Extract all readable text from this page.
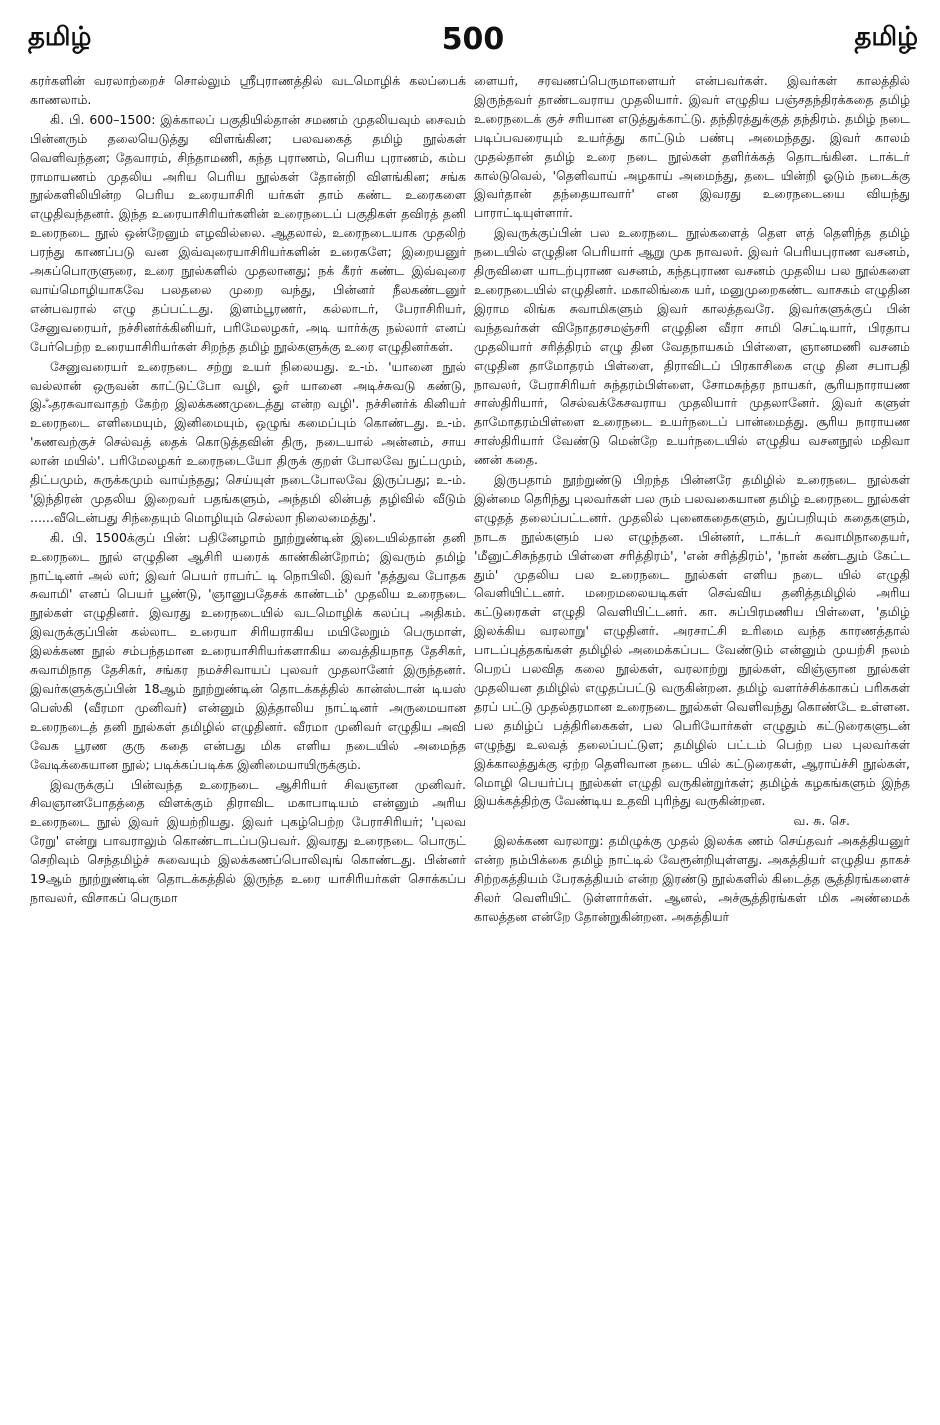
தமிழ்	500	தமிழ்

கரர்களின் வரலாற்றைச் சொல்லும் ஸ்ரீபுராணத்தில் வடமொழிக் கலப்பைக் காணலாம்.

கி. பி. 600–1500: இக்காலப் பகுதியில்தான் சமணம் முதலியவும் சைவம் பின்னரும் தலையெடுத்து விளங்கின; பலவகைத் தமிழ் நூல்கள் வெளிவந்தன; தேவாரம், சிந்தாமணி, கந்த புராணம், பெரிய புராணம், கம்ப ராமாயணம் முதலிய அரிய பெரிய நூல்கள் தோன்றி விளங்கின; சங்க நூல்களிலியின்ற பெரிய உரையாசிரி யர்கள் தாம் கண்ட உரைகளை எழுதிவந்தனர். இந்த உரையாசிரியர்களின் உரைநடைப் பகுதிகள் தவிரத் தனி உரைநடை நூல் ஒன்றேனும் எழவில்லை. ஆதலால், உரைநடையாக முதலிற் பரந்து காணப்படு வன இவ்வுரையாசிரியர்களின் உரைகளே; இறையனுர் அகப்பொருளுரை, உரை நூல்களில் முதலானது; நக் கீரர் கண்ட இவ்வுரை வாய்மொழியாகவே பலதலை முறை வந்து, பின்னர் நீலகண்டனுர் என்பவரால் எழு தப்பட்டது. இளம்பூரணர், கல்லாடர், பேராசிரியர், சேனுவரையர், நச்சினர்க்கினியர், பரிமேலழகர், அடி யார்க்கு நல்லார் எனப் பேர்பெற்ற உரையாசிரியர்கள் சிறந்த தமிழ் நூல்களுக்கு உரை எழுதினர்கள்.

சேனுவரையர் உரைநடை சற்று உயர் நிலையது. உ-ம். 'யானை நூல் வல்லான் ஒருவன் காட்டுட்போ வழி, ஓர் யானை அடிச்சுவடு கண்டு, இஃதரசுவாவாதற் கேற்ற இலக்கணமுடைத்து என்ற வழி'. நச்சினர்க் கினியர் உரைநடை எளிமையும், இனிமையும், ஒழுங் கமைப்பும் கொண்டது. உ-ம். 'கணவற்குச் செல்வத் தைக் கொடுத்தவின் திரு, நடையால் அன்னம், சாய லான் மயில்'. பரிமேலழகர் உரைநடையோ திருக் குறள் போலவே நுட்பமும், திட்பமும், சுருக்கமும் வாய்ந்தது; செய்யுள் நடைபோலவே இருப்பது; உ-ம். 'இந்திரன் முதலிய இறைவர் பதங்களும், அந்தமி லின்பத் தழிவில் வீடும் ......வீடென்பது சிந்தையும் மொழியும் செல்லா நிலைமைத்து'.

கி. பி. 1500க்குப் பின்: பதினேழாம் நூற்றுண்டின் இடையில்தான் தனி உரைநடை நூல் எழுதின ஆசிரி யரைக் காண்கின்றோம்; இவரும் தமிழ் நாட்டினர் அல் லர்; இவர் பெயர் ராபர்ட் டி நொபிலி. இவர் 'தத்துவ போதக சுவாமி' எனப் பெயர் பூண்டு, 'ஞானுபதேசக் காண்டம்' முதலிய உரைநடை நூல்கள் எழுதினர். இவரது உரைநடையில் வடமொழிக் கலப்பு அதிகம். இவருக்குப்பின் கல்லாட உரையா சிரியராகிய மயிலேறும் பெருமாள், இலக்கண நூல் சம்பந்தமான உரையாசிரியர்களாகிய வைத்தியநாத தேசிகர், சுவாமிநாத தேசிகர், சங்கர நமச்சிவாயப் புலவர் முதலானேர் இருந்தனர். இவர்களுக்குப்பின் 18ஆம் நூற்றுண்டின் தொடக்கத்தில் கான்ஸ்டான் டியஸ் பெஸ்கி (வீரமா முனிவர்) என்னும் இத்தாலிய நாட்டினர் அருமையான உரைநடைத் தனி நூல்கள் தமிழில் எழுதினர். வீரமா முனிவர் எழுதிய அவி வேக பூரண குரு கதை என்பது மிக எளிய நடையில் அமைந்த வேடிக்கையான நூல்; படிக்கப்படிக்க இனிமையாயிருக்கும்.

இவருக்குப் பின்வந்த உரைநடை ஆசிரியர் சிவஞான முனிவர். சிவஞானபோதத்தை விளக்கும் திராவிட மகாபாடியம் என்னும் அரிய உரைநடை நூல் இவர் இயற்றியது. இவர் புகழ்பெற்ற பேராசிரியர்; 'புலவ ரேறு' என்று பாவராலும் கொண்டாடப்படுபவர். இவரது உரைநடை பொருட் செறிவும் செந்தமிழ்ச் சுவையும் இலக்கணப்பொலிவுங் கொண்டது. பின்னர் 19ஆம் நூற்றுண்டின் தொடக்கத்தில் இருந்த உரை யாசிரியர்கள் சொக்கப்ப நாவலர், விசாகப் பெருமா

ளையர், சரவணப்பெருமாளையர் என்பவர்கள். இவர்கள் காலத்தில் இருந்தவர் தாண்டவராய முதலியார். இவர் எழுதிய பஞ்சதந்திரக்கதை தமிழ் உரைநடைக் குச் சரியான எடுத்துக்காட்டு. தந்திரத்துக்குத் தந்திரம். தமிழ் நடை படிப்பவரையும் உயர்த்து காட்டும் பண்பு அமைந்தது. இவர் காலம் முதல்தான் தமிழ் உரை நடை நூல்கள் தளிர்க்கத் தொடங்கின. டாக்டர் கால்டுவெல், 'தெளிவாய் அழகாய் அமைந்து, தடை யின்றி ஓடும் நடைக்கு இவர்தான் தந்தையாவார்' என இவரது உரைநடையை வியந்து பாராட்டியுள்ளார்.

இவருக்குப்பின் பல உரைநடை நூல்களைத் தெள ளத் தெளிந்த தமிழ் நடையில் எழுதின பெரியார் ஆறு முக நாவலர். இவர் பெரியபுராண வசனம், திருவிளை யாடற்புராண வசனம், கந்தபுராண வசனம் முதலிய பல நூல்களை உரைநடையில் எழுதினர். மகாலிங்கை யர், மனுமுறைகண்ட வாசகம் எழுதின இராம லிங்க சுவாமிகளும் இவர் காலத்தவரே. இவர்களுக்குப் பின் வந்தவர்கள் விநோதரசமஞ்சரி எழுதின வீரா சாமி செட்டியார், பிரதாப முதலியார் சரித்திரம் எழு தின வேதநாயகம் பிள்ளை, ஞானமணி வசனம் எழுதின தாமோதரம் பிள்ளை, திராவிடப் பிரகாசிகை எழு தின சபாபதி நாவலர், பேராசிரியர் சுந்தரம்பிள்ளை, சோமசுந்தர நாயகர், சூரியநாராயண சாஸ்திரியார், செல்வக்கேசவராய முதலியார் முதலானேர். இவர் களுள் தாமோதரம்பிள்ளை உரைநடை உயர்நடைப் பான்மைத்து. சூரிய நாராயண சாஸ்திரியார் வேண்டு மென்றே உயர்நடையில் எழுதிய வசனநூல் மதிவா ணன் கதை.

இருபதாம் நூற்றுண்டு பிறந்த பின்னரே தமிழில் உரைநடை நூல்கள் இன்மை தெரிந்து புலவர்கள் பல ரும் பலவகையான தமிழ் உரைநடை நூல்கள் எழுதத் தலைப்பட்டனர். முதலில் புனைகதைகளும், துப்பறியும் கதைகளும், நாடக நூல்களும் பல எழுந்தன. பின்னர், டாக்டர் சுவாமிநாதையர், 'மீனுட்சிசுந்தரம் பிள்ளை சரித்திரம்', 'என் சரித்திரம்', 'நான் கண்டதும் கேட்ட தும்' முதலிய பல உரைநடை நூல்கள் எளிய நடை யில் எழுதி வெளியிட்டனர். மறைமலையடிகள் செவ்விய தனித்தமிழில் அரிய கட்டுரைகள் எழுதி வெளியிட்டனர். கா. சுப்பிரமணிய பிள்ளை, 'தமிழ் இலக்கிய வரலாறு' எழுதினர். அரசாட்சி உரிமை வந்த காரணத்தால் பாடப்புத்தகங்கள் தமிழில் அமைக்கப்பட வேண்டும் என்னும் முயற்சி நலம் பெறப் பலவித கலை நூல்கள், வரலாற்று நூல்கள், விஞ்ஞான நூல்கள் முதலியன தமிழில் எழுதப்பட்டு வருகின்றன. தமிழ் வளர்ச்சிக்காகப் பரிசுகள் தரப் பட்டு முதல்தரமான உரைநடை நூல்கள் வெளிவந்து கொண்டே உள்ளன. பல தமிழ்ப் பத்திரிகைகள், பல பெரியோர்கள் எழுதும் கட்டுரைகளுடன் எழுந்து உலவத் தலைப்பட்டுள; தமிழில் பட்டம் பெற்ற பல புலவர்கள் இக்காலத்துக்கு ஏற்ற தெளிவான நடை யில் கட்டுரைகள், ஆராய்ச்சி நூல்கள், மொழி பெயர்ப்பு நூல்கள் எழுதி வருகின்றுர்கள்; தமிழ்க் கழகங்களும் இந்த இயக்கத்திற்கு வேண்டிய உதவி புரிந்து வருகின்றன.

வ. சு. செ.

இலக்கண வரலாறு: தமிழுக்கு முதல் இலக்க ணம் செய்தவர் அகத்தியனுர் என்ற நம்பிக்கை தமிழ் நாட்டில் வேரூன்றியுள்ளது. அகத்தியர் எழுதிய தாகச் சிற்றகத்தியம் பேரகத்தியம் என்ற இரண்டு நூல்களில் கிடைத்த சூத்திரங்களைச் சிலர் வெளியிட் டுள்ளார்கள். ஆனல், அச்சூத்திரங்கள் மிக அண்மைக் காலத்தன என்றே தோன்றுகின்றன. அகத்தியர்
